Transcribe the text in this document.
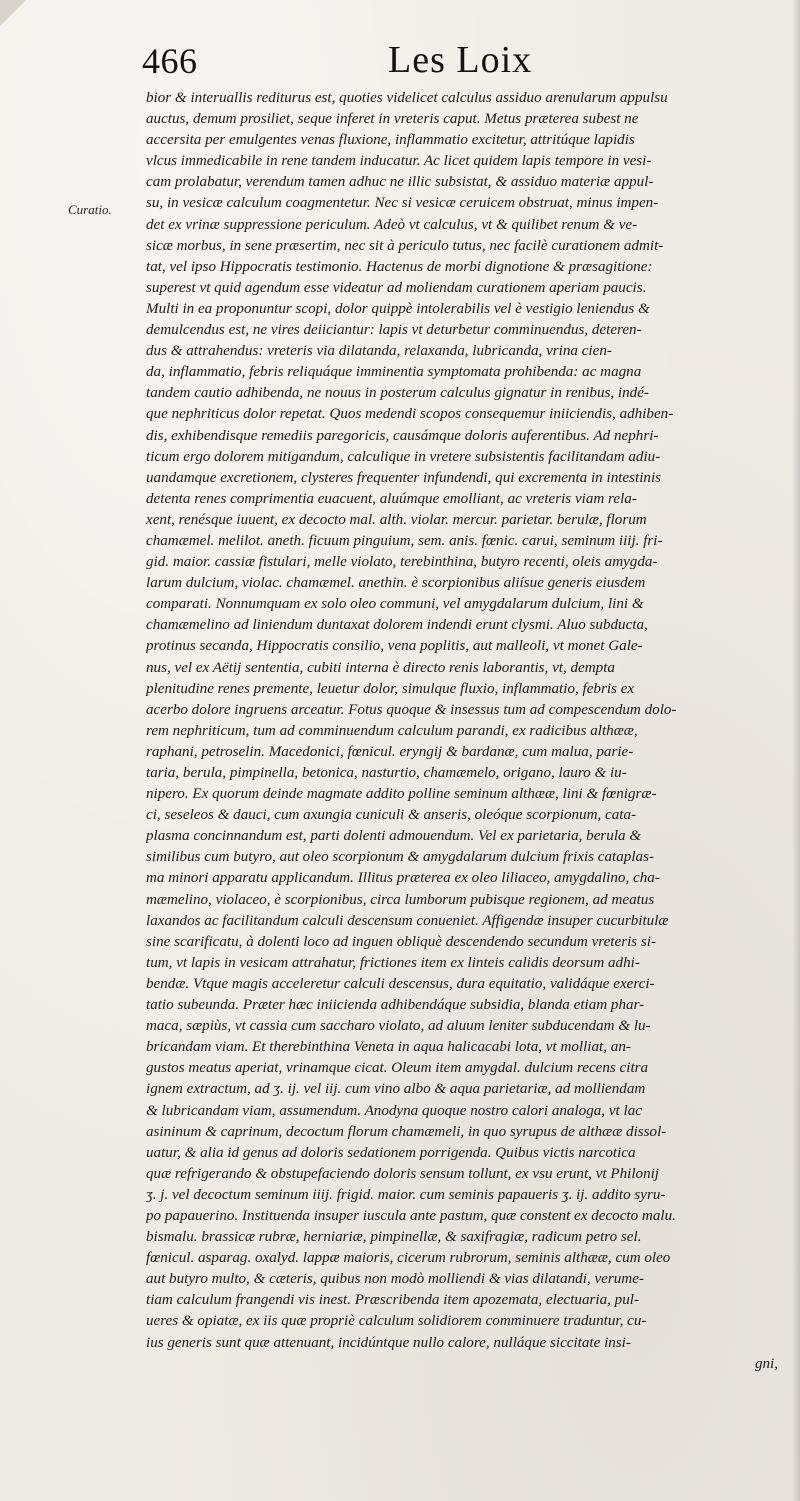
466	Les Loix
Curatio.
bior & interuallis rediturus est, quoties videlicet calculus assiduo arenularum appulsu
auctus, demum prosiliet, seque inferet in vreteris caput. Metus præterea subest ne
accersita per emulgentes venas fluxione, inflammatio excitetur, attritúque lapidis
vlcus immedicabile in rene tandem inducatur. Ac licet quidem lapis tempore in vesi-
cam prolabatur, verendum tamen adhuc ne illic subsistat, & assiduo materiæ appul-
su, in vesicæ calculum coagmentetur. Nec si vesicæ ceruicem obstruat, minus impen-
det ex vrinæ suppressione periculum. Adeò vt calculus, vt & quilibet renum & ve-
sicæ morbus, in sene præsertim, nec sit à periculo tutus, nec facilè curationem admit-
tat, vel ipso Hippocratis testimonio. Hactenus de morbi dignotione & præsagitione:
superest vt quid agendum esse videatur ad moliendam curationem aperiam paucis.
Multi in ea proponuntur scopi, dolor quippè intolerabilis vel è vestigio leniendus &
demulcendus est, ne vires deiiciantur: lapis vt deturbetur comminuendus, deteren-
dus & attrahendus: vreteris via dilatanda, relaxanda, lubricanda, vrina cien-
da, inflammatio, febris reliquáque imminentia symptomata prohibenda: ac magna
tandem cautio adhibenda, ne nouus in posterum calculus gignatur in renibus, indé-
que nephriticus dolor repetat. Quos medendi scopos consequemur iniiciendis, adhiben-
dis, exhibendisque remediis paregoricis, causámque doloris auferentibus. Ad nephri-
ticum ergo dolorem mitigandum, calculique in vretere subsistentis facilitandam adiu-
uandamque excretionem, clysteres frequenter infundendi, qui excrementa in intestinis
detenta renes comprimentia euacuent, aluúmque emolliant, ac vreteris viam rela-
xent, renésque iuuent, ex decocto mal. alth. violar. mercur. parietar. berulæ, florum
chamæmel. melilot. aneth. ficuum pinguium, sem. anis. fœnic. carui, seminum iiij. fri-
gid. maior. cassiæ fistulari, melle violato, terebinthina, butyro recenti, oleis amygda-
larum dulcium, violac. chamæmel. anethin. è scorpionibus aliísue generis eiusdem
comparati. Nonnumquam ex solo oleo communi, vel amygdalarum dulcium, lini &
chamæmelino ad liniendum duntaxat dolorem indendi erunt clysmi. Aluo subducta,
protinus secanda, Hippocratis consilio, vena poplitis, aut malleoli, vt monet Gale-
nus, vel ex Aëtij sententia, cubiti interna è directo renis laborantis, vt, dempta
plenitudine renes premente, leuetur dolor, simulque fluxio, inflammatio, febris ex
acerbo dolore ingruens arceatur. Fotus quoque & insessus tum ad compescendum dolo-
rem nephriticum, tum ad comminuendum calculum parandi, ex radicibus althææ,
raphani, petroselin. Macedonici, fœnicul. eryngij & bardanæ, cum malua, parie-
taria, berula, pimpinella, betonica, nasturtio, chamæmelo, origano, lauro & iu-
nipero. Ex quorum deinde magmate addito polline seminum althææ, lini & fœnigræ-
ci, seseleos & dauci, cum axungia cuniculi & anseris, oleóque scorpionum, cata-
plasma concinnandum est, parti dolenti admouendum. Vel ex parietaria, berula &
similibus cum butyro, aut oleo scorpionum & amygdalarum dulcium frixis cataplas-
ma minori apparatu applicandum. Illitus præterea ex oleo liliaceo, amygdalino, cha-
mæmelino, violaceo, è scorpionibus, circa lumborum pubisque regionem, ad meatus
laxandos ac facilitandum calculi descensum conueniet. Affigendæ insuper cucurbitulæ
sine scarificatu, à dolenti loco ad inguen obliquè descendendo secundum vreteris si-
tum, vt lapis in vesicam attrahatur, frictiones item ex linteis calidis deorsum adhi-
bendæ. Vtque magis acceleretur calculi descensus, dura equitatio, validáque exerci-
tatio subeunda. Præter hæc iniicienda adhibendáque subsidia, blanda etiam phar-
maca, sæpiùs, vt cassia cum saccharo violato, ad aluum leniter subducendam & lu-
bricandam viam. Et therebinthina Veneta in aqua halicacabi lota, vt molliat, an-
gustos meatus aperiat, vrinamque cicat. Oleum item amygdal. dulcium recens citra
ignem extractum, ad ʒ. ij. vel iij. cum vino albo & aqua parietariæ, ad molliendam
& lubricandam viam, assumendum. Anodyna quoque nostro calori analoga, vt lac
asininum & caprinum, decoctum florum chamæmeli, in quo syrupus de althææ dissol-
uatur, & alia id genus ad doloris sedationem porrigenda. Quibus victis narcotica
quæ refrigerando & obstupefaciendo doloris sensum tollunt, ex vsu erunt, vt Philonij
ʒ. j. vel decoctum seminum iiij. frigid. maior. cum seminis papaueris ʒ. ij. addito syru-
po papauerino. Instituenda insuper iuscula ante pastum, quæ constent ex decocto malu.
bismalu. brassicæ rubræ, herniariæ, pimpinellæ, & saxifragiæ, radicum petro sel.
fœnicul. asparag. oxalyd. lappæ maioris, cicerum rubrorum, seminis althææ, cum oleo
aut butyro multo, & cæteris, quibus non modò molliendi & vias dilatandi, verume-
tiam calculum frangendi vis inest. Præscribenda item apozemata, electuaria, pul-
ueres & opiatæ, ex iis quæ propriè calculum solidiorem comminuere traduntur, cu-
ius generis sunt quæ attenuant, incidúntque nullo calore, nulláque siccitate insi-
gni,
